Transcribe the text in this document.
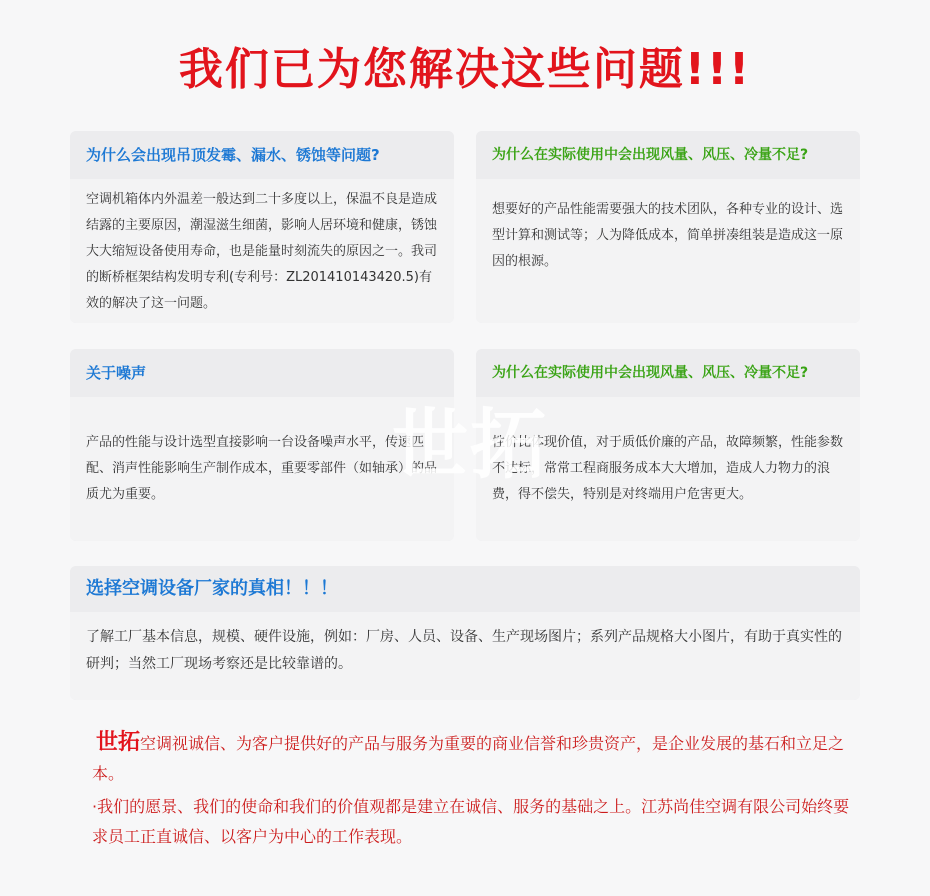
我们已为您解决这些问题!!!
为什么会出现吊顶发霉、漏水、锈蚀等问题?
空调机箱体内外温差一般达到二十多度以上，保温不良是造成结露的主要原因，潮湿滋生细菌，影响人居环境和健康，锈蚀大大缩短设备使用寿命，也是能量时刻流失的原因之一。我司的断桥框架结构发明专利(专利号：ZL201410143420.5)有效的解决了这一问题。
为什么在实际使用中会出现风量、风压、冷量不足?
想要好的产品性能需要强大的技术团队，各种专业的设计、选型计算和测试等；人为降低成本，简单拼凑组装是造成这一原因的根源。
关于噪声
产品的性能与设计选型直接影响一台设备噪声水平，传速匹配、消声性能影响生产制作成本，重要零部件（如轴承）的品质尤为重要。
为什么在实际使用中会出现风量、风压、冷量不足?
性价比体现价值，对于质低价廉的产品，故障频繁，性能参数不达标，常常工程商服务成本大大增加，造成人力物力的浪费，得不偿失，特别是对终端用户危害更大。
世拓
选择空调设备厂家的真相！！！
了解工厂基本信息，规模、硬件设施，例如：厂房、人员、设备、生产现场图片；系列产品规格大小图片，有助于真实性的研判；当然工厂现场考察还是比较靠谱的。
世拓空调视诚信、为客户提供好的产品与服务为重要的商业信誉和珍贵资产，是企业发展的基石和立足之本。
·我们的愿景、我们的使命和我们的价值观都是建立在诚信、服务的基础之上。江苏尚佳空调有限公司始终要求员工正直诚信、以客户为中心的工作表现。
